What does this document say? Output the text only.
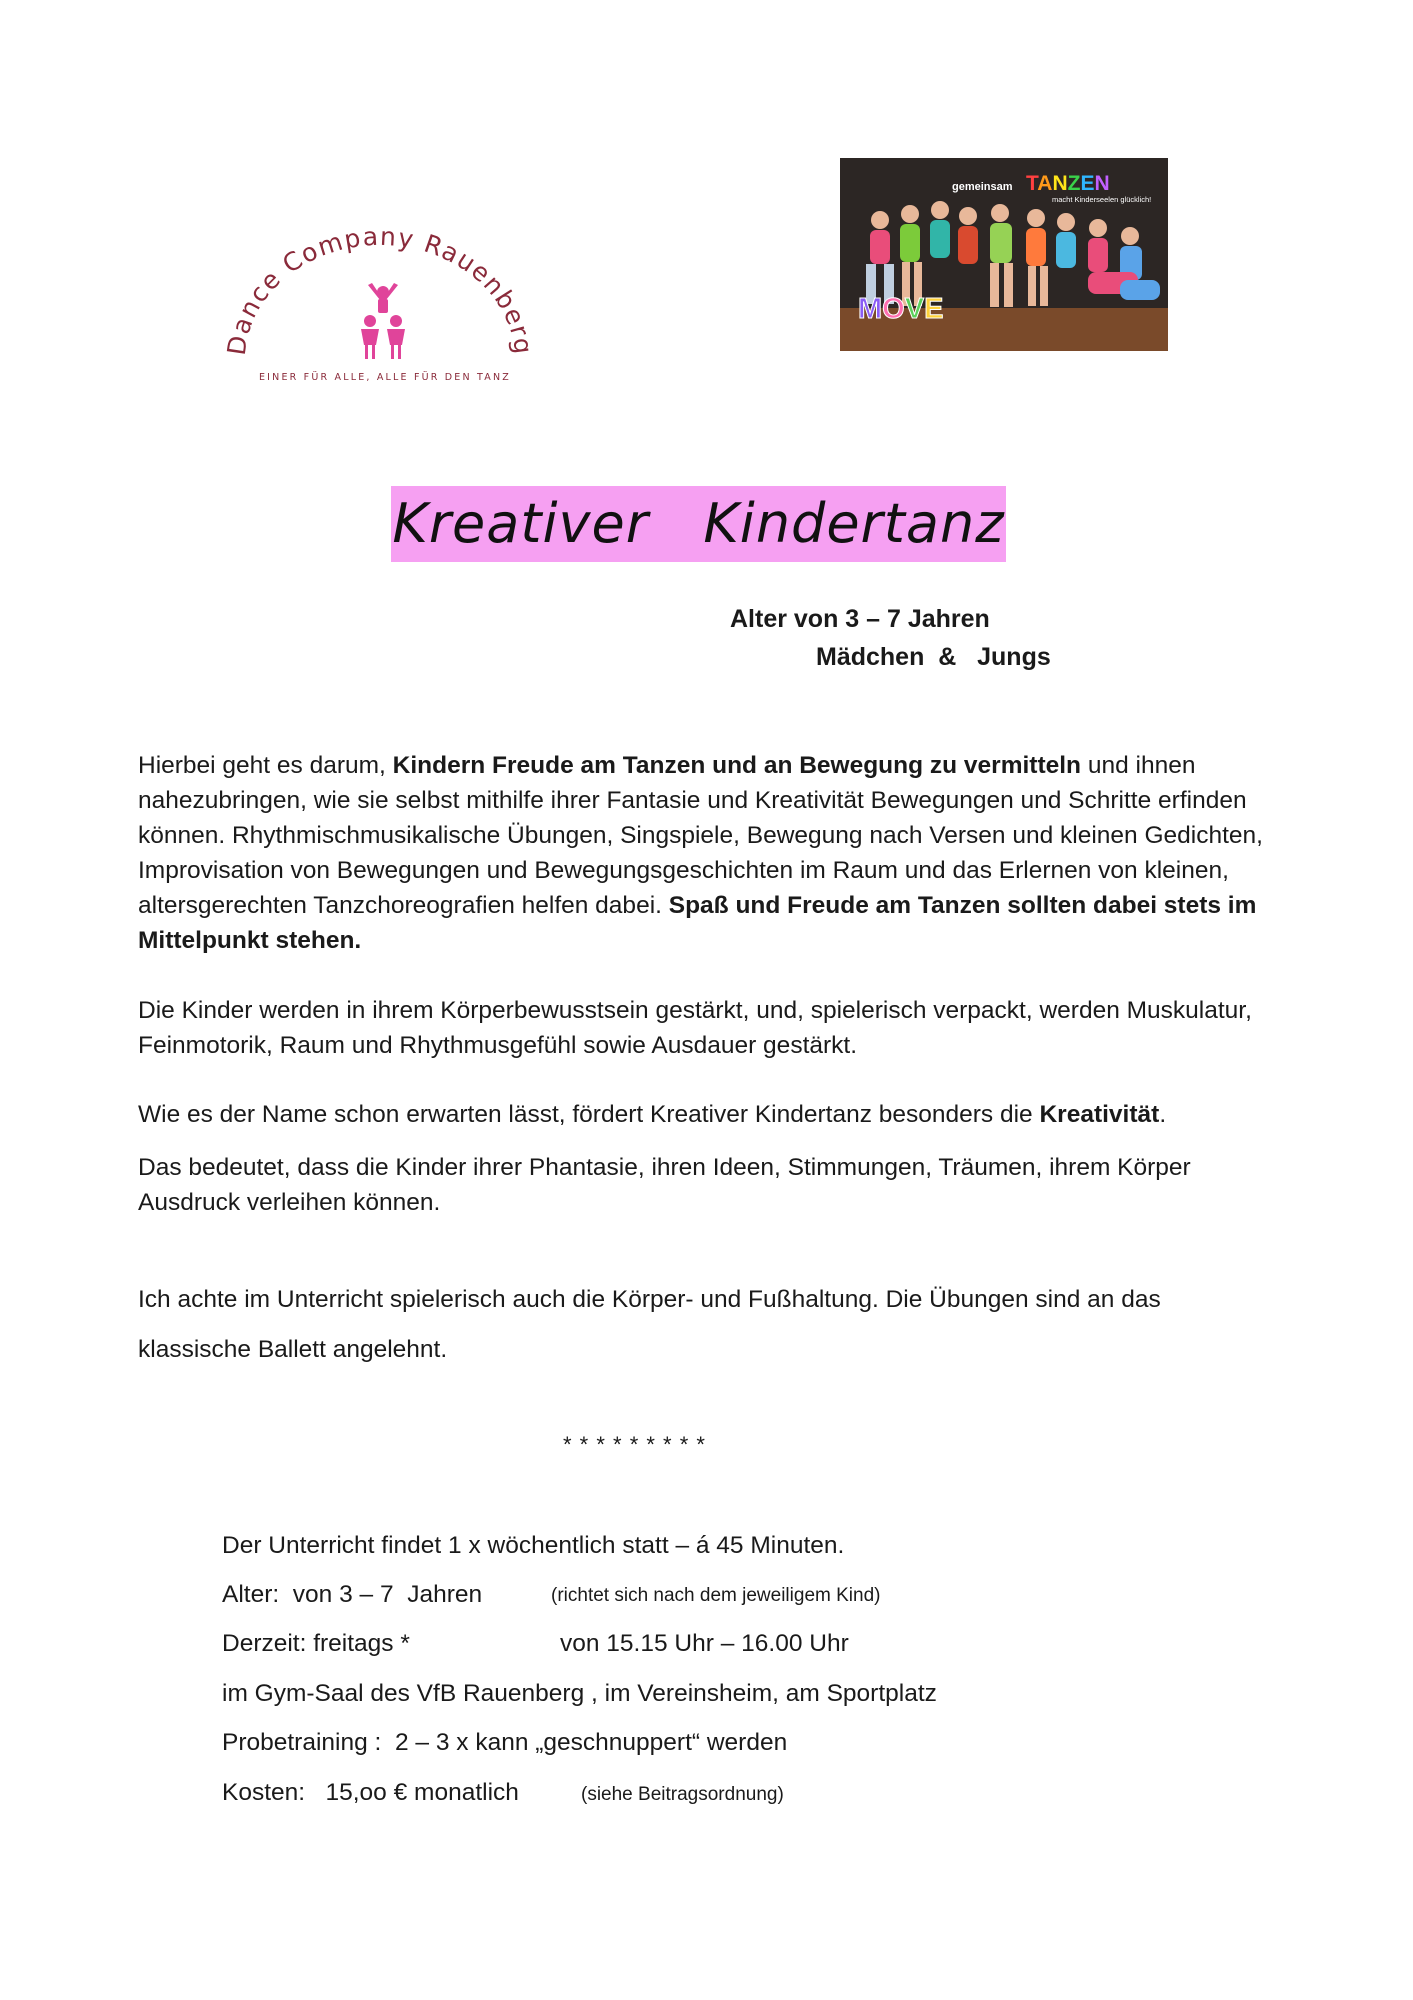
Dance Company Rauenberg
EINER FÜR ALLE, ALLE FÜR DEN TANZ
gemeinsam TANZEN
macht Kinderseelen glücklich!
MOVE
Kreativer   Kindertanz
Alter von 3 – 7 Jahren
Mädchen  &   Jungs

Hierbei geht es darum, Kindern Freude am Tanzen und an Bewegung zu vermitteln und ihnen nahezubringen, wie sie selbst mithilfe ihrer Fantasie und Kreativität Bewegungen und Schritte erfinden können. Rhythmischmusikalische Übungen, Singspiele, Bewegung nach Versen und kleinen Gedichten, Improvisation von Bewegungen und Bewegungsgeschichten im Raum und das Erlernen von kleinen, altersgerechten Tanzchoreografien helfen dabei. Spaß und Freude am Tanzen sollten dabei stets im Mittelpunkt stehen.

Die Kinder werden in ihrem Körperbewusstsein gestärkt, und, spielerisch verpackt, werden Muskulatur, Feinmotorik, Raum und Rhythmusgefühl sowie Ausdauer gestärkt.

Wie es der Name schon erwarten lässt, fördert Kreativer Kindertanz besonders die Kreativität.

Das bedeutet, dass die Kinder ihrer Phantasie, ihren Ideen, Stimmungen, Träumen, ihrem Körper Ausdruck verleihen können.

Ich achte im Unterricht spielerisch auch die Körper- und Fußhaltung. Die Übungen sind an das
klassische Ballett angelehnt.
* * * * * * * * *
Der Unterricht findet 1 x wöchentlich statt – á 45 Minuten.
Alter:  von 3 – 7  Jahren	(richtet sich nach dem jeweiligem Kind)
Derzeit: freitags *	von 15.15 Uhr – 16.00 Uhr
im Gym-Saal des VfB Rauenberg , im Vereinsheim, am Sportplatz
Probetraining :  2 – 3 x kann „geschnuppert“ werden
Kosten:   15,oo € monatlich	(siehe Beitragsordnung)
